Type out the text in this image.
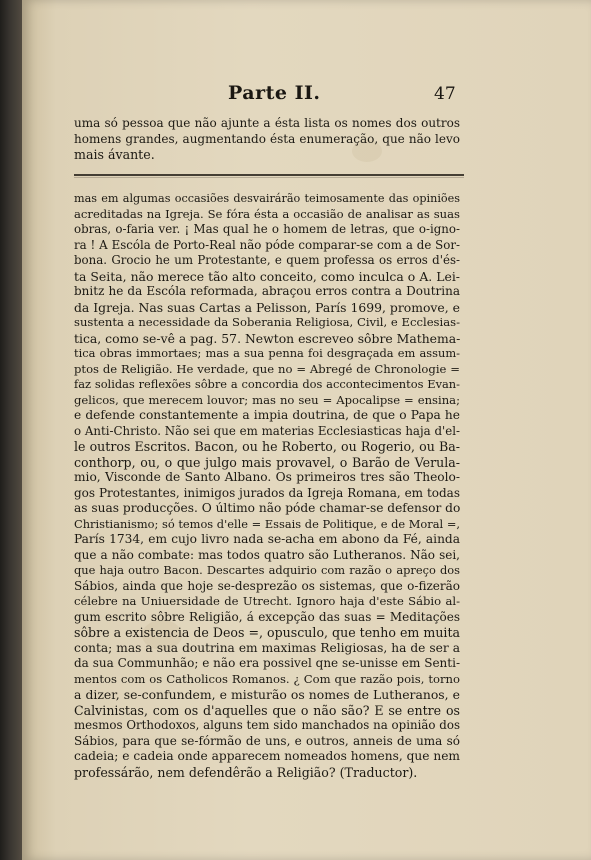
Parte II.	47
uma só pessoa que não ajunte a ésta lista os nomes dos outros
homens grandes, augmentando ésta enumeração, que não levo
mais ávante.
mas em algumas occasiões desvairárão teimosamente das opiniões
acreditadas na Igreja. Se fóra ésta a occasião de analisar as suas
obras, o-faria ver. ¡ Mas qual he o homem de letras, que o-igno-
ra ! A Escóla de Porto-Real não póde comparar-se com a de Sor-
bona. Grocio he um Protestante, e quem professa os erros d'és-
ta Seita, não merece tão alto conceito, como inculca o A. Lei-
bnitz he da Escóla reformada, abraçou erros contra a Doutrina
da Igreja. Nas suas Cartas a Pelisson, París 1699, promove, e
sustenta a necessidade da Soberania Religiosa, Civil, e Ecclesias-
tica, como se-vê a pag. 57. Newton escreveo sôbre Mathema-
tica obras immortaes; mas a sua penna foi desgraçada em assum-
ptos de Religião. He verdade, que no = Abregé de Chronologie =
faz solidas reflexões sôbre a concordia dos accontecimentos Evan-
gelicos, que merecem louvor; mas no seu = Apocalipse = ensina;
e defende constantemente a impia doutrina, de que o Papa he
o Anti-Christo. Não sei que em materias Ecclesiasticas haja d'el-
le outros Escritos. Bacon, ou he Roberto, ou Rogerio, ou Ba-
conthorp, ou, o que julgo mais provavel, o Barão de Verula-
mio, Visconde de Santo Albano. Os primeiros tres são Theolo-
gos Protestantes, inimigos jurados da Igreja Romana, em todas
as suas producções. O último não póde chamar-se defensor do
Christianismo; só temos d'elle = Essais de Politique, e de Moral =,
París 1734, em cujo livro nada se-acha em abono da Fé, ainda
que a não combate: mas todos quatro são Lutheranos. Não sei,
que haja outro Bacon. Descartes adquirio com razão o apreço dos
Sábios, ainda que hoje se-desprezão os sistemas, que o-fizerão
célebre na Uniuersidade de Utrecht. Ignoro haja d'este Sábio al-
gum escrito sôbre Religião, á excepção das suas = Meditações
sôbre a existencia de Deos =, opusculo, que tenho em muita
conta; mas a sua doutrina em maximas Religiosas, ha de ser a
da sua Communhão; e não era possivel qne se-unisse em Senti-
mentos com os Catholicos Romanos. ¿ Com que razão pois, torno
a dizer, se-confundem, e misturão os nomes de Lutheranos, e
Calvinistas, com os d'aquelles que o não são? E se entre os
mesmos Orthodoxos, alguns tem sido manchados na opinião dos
Sábios, para que se-fórmão de uns, e outros, anneis de uma só
cadeia; e cadeia onde apparecem nomeados homens, que nem
professárão, nem defendêrão a Religião? (Traductor).
